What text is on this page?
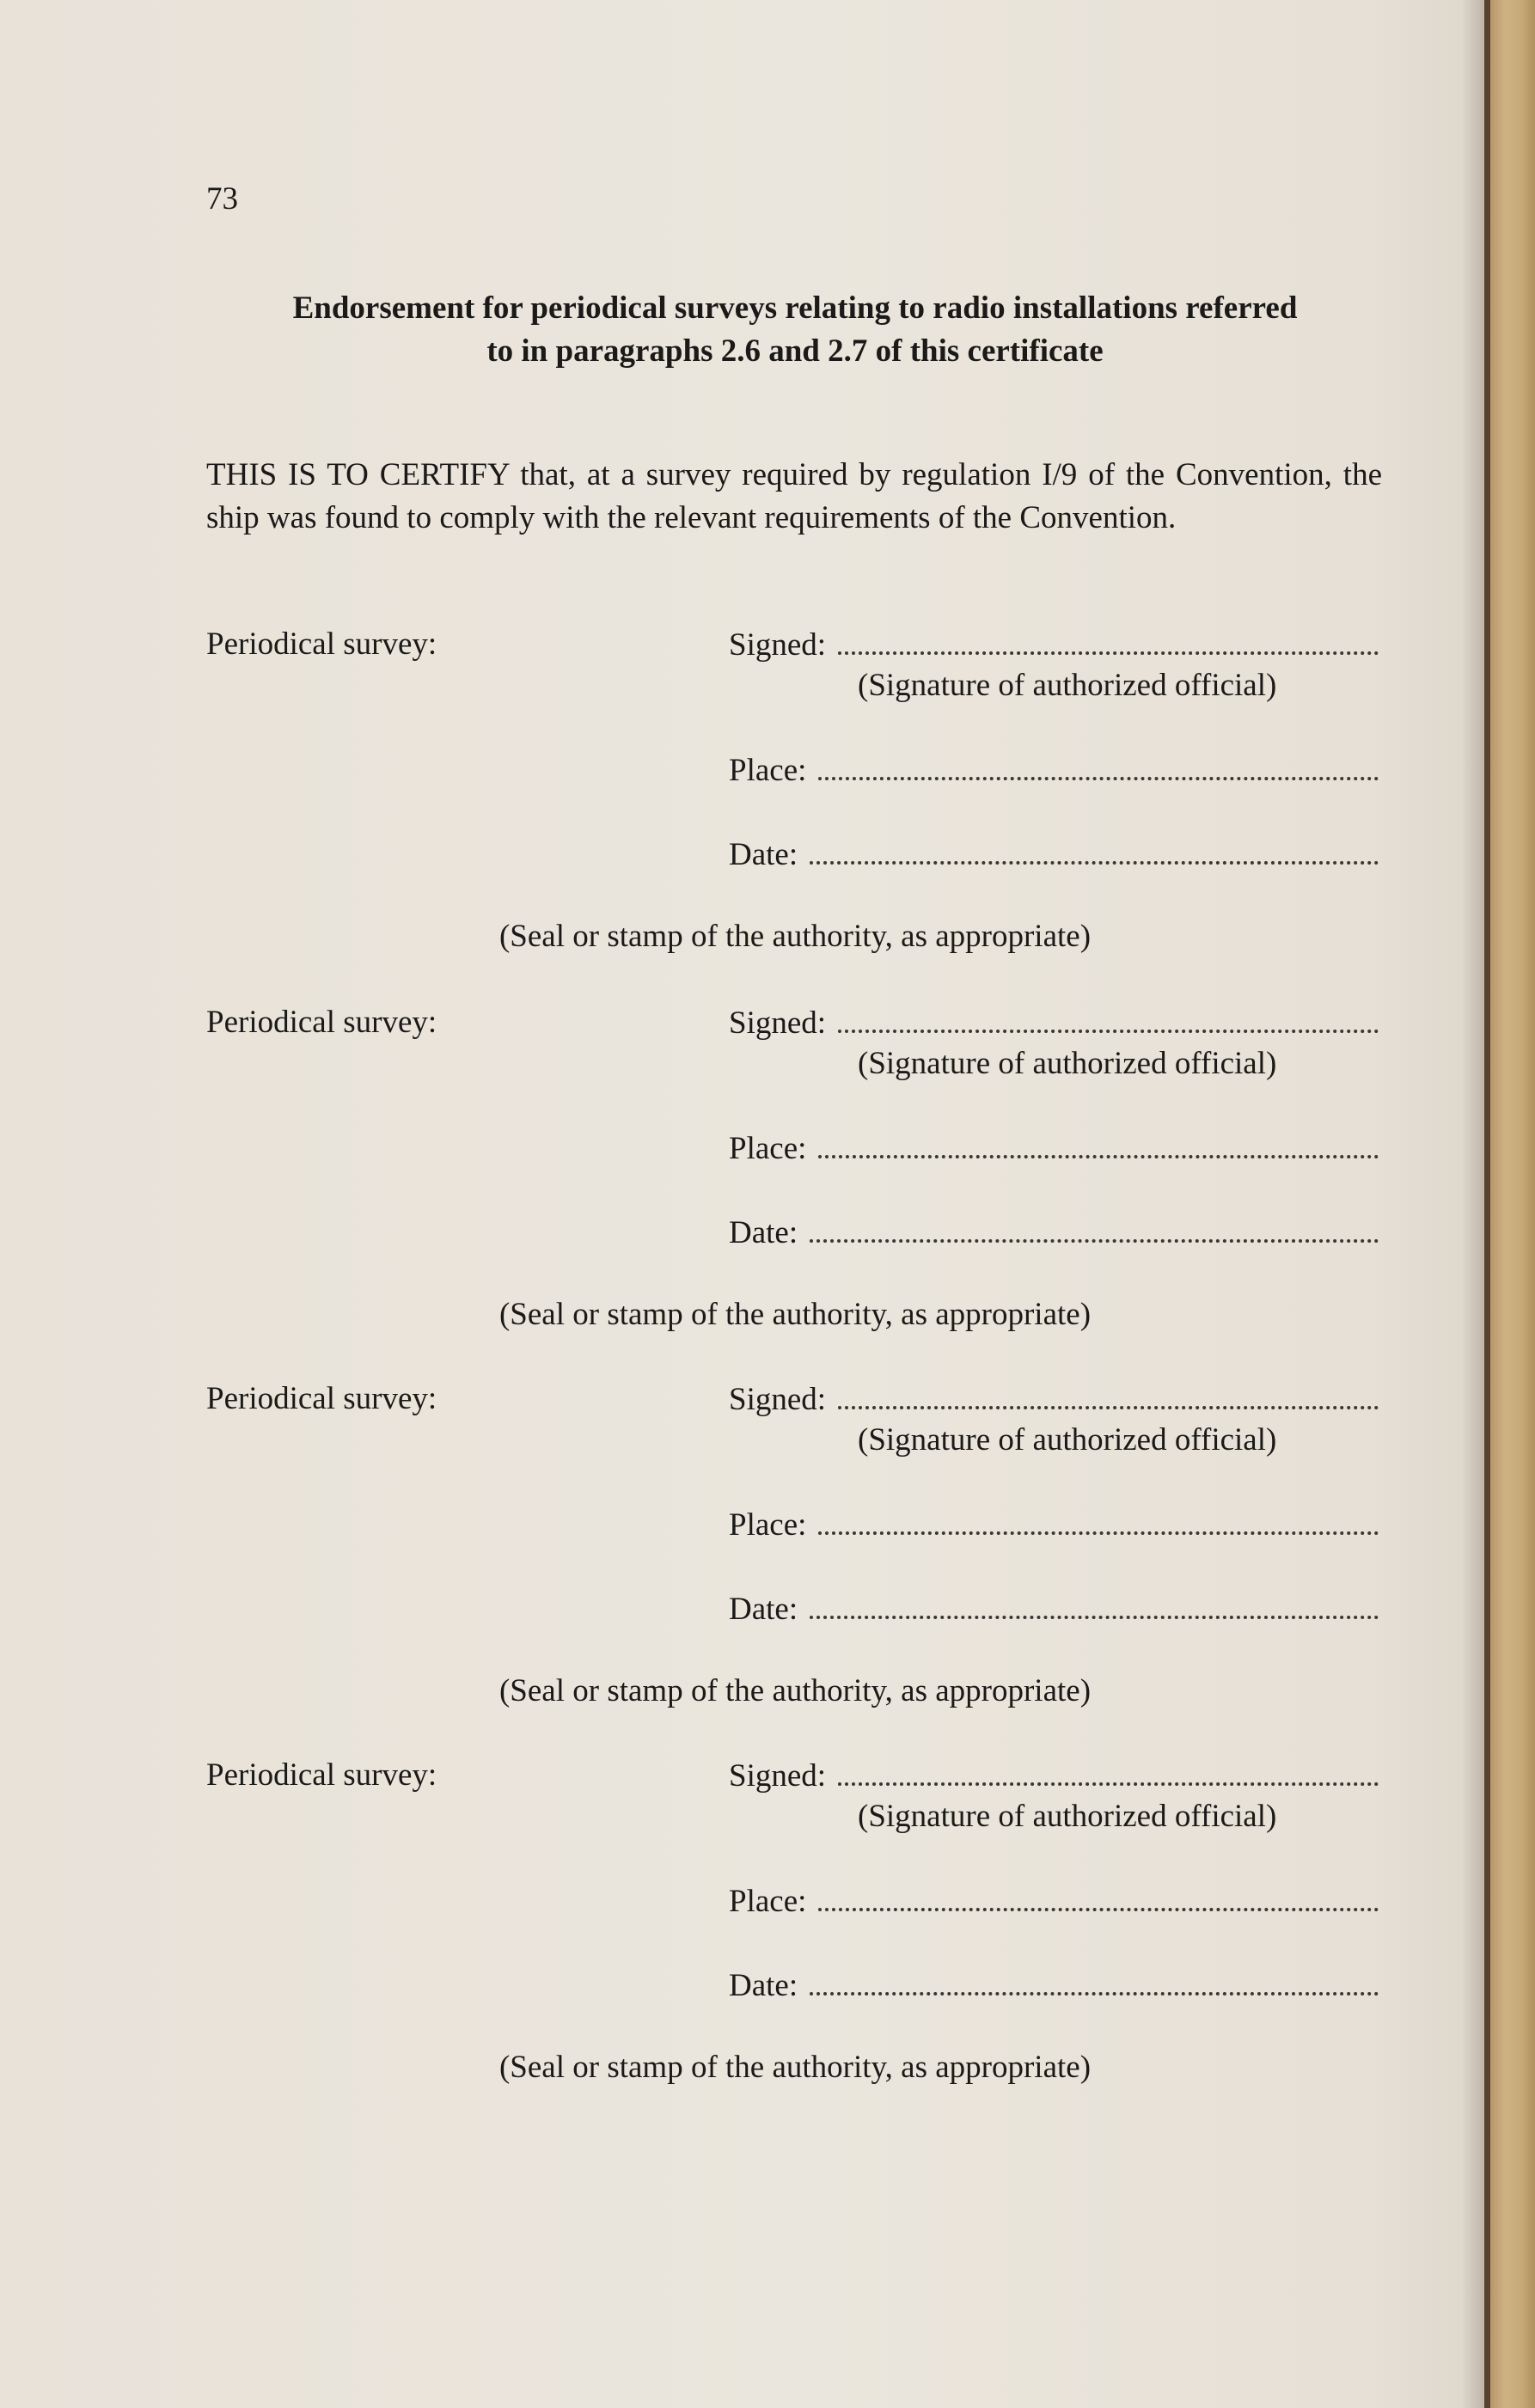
73
Endorsement for periodical surveys relating to radio installations referred
to in paragraphs 2.6 and 2.7 of this certificate
THIS IS TO CERTIFY that, at a survey required by regulation I/9 of the Convention, the ship was found to comply with the relevant requirements of the Convention.
Periodical survey:	Signed:
(Signature of authorized official)
Place:
Date:
(Seal or stamp of the authority, as appropriate)
Periodical survey:	Signed:
(Signature of authorized official)
Place:
Date:
(Seal or stamp of the authority, as appropriate)
Periodical survey:	Signed:
(Signature of authorized official)
Place:
Date:
(Seal or stamp of the authority, as appropriate)
Periodical survey:	Signed:
(Signature of authorized official)
Place:
Date:
(Seal or stamp of the authority, as appropriate)
